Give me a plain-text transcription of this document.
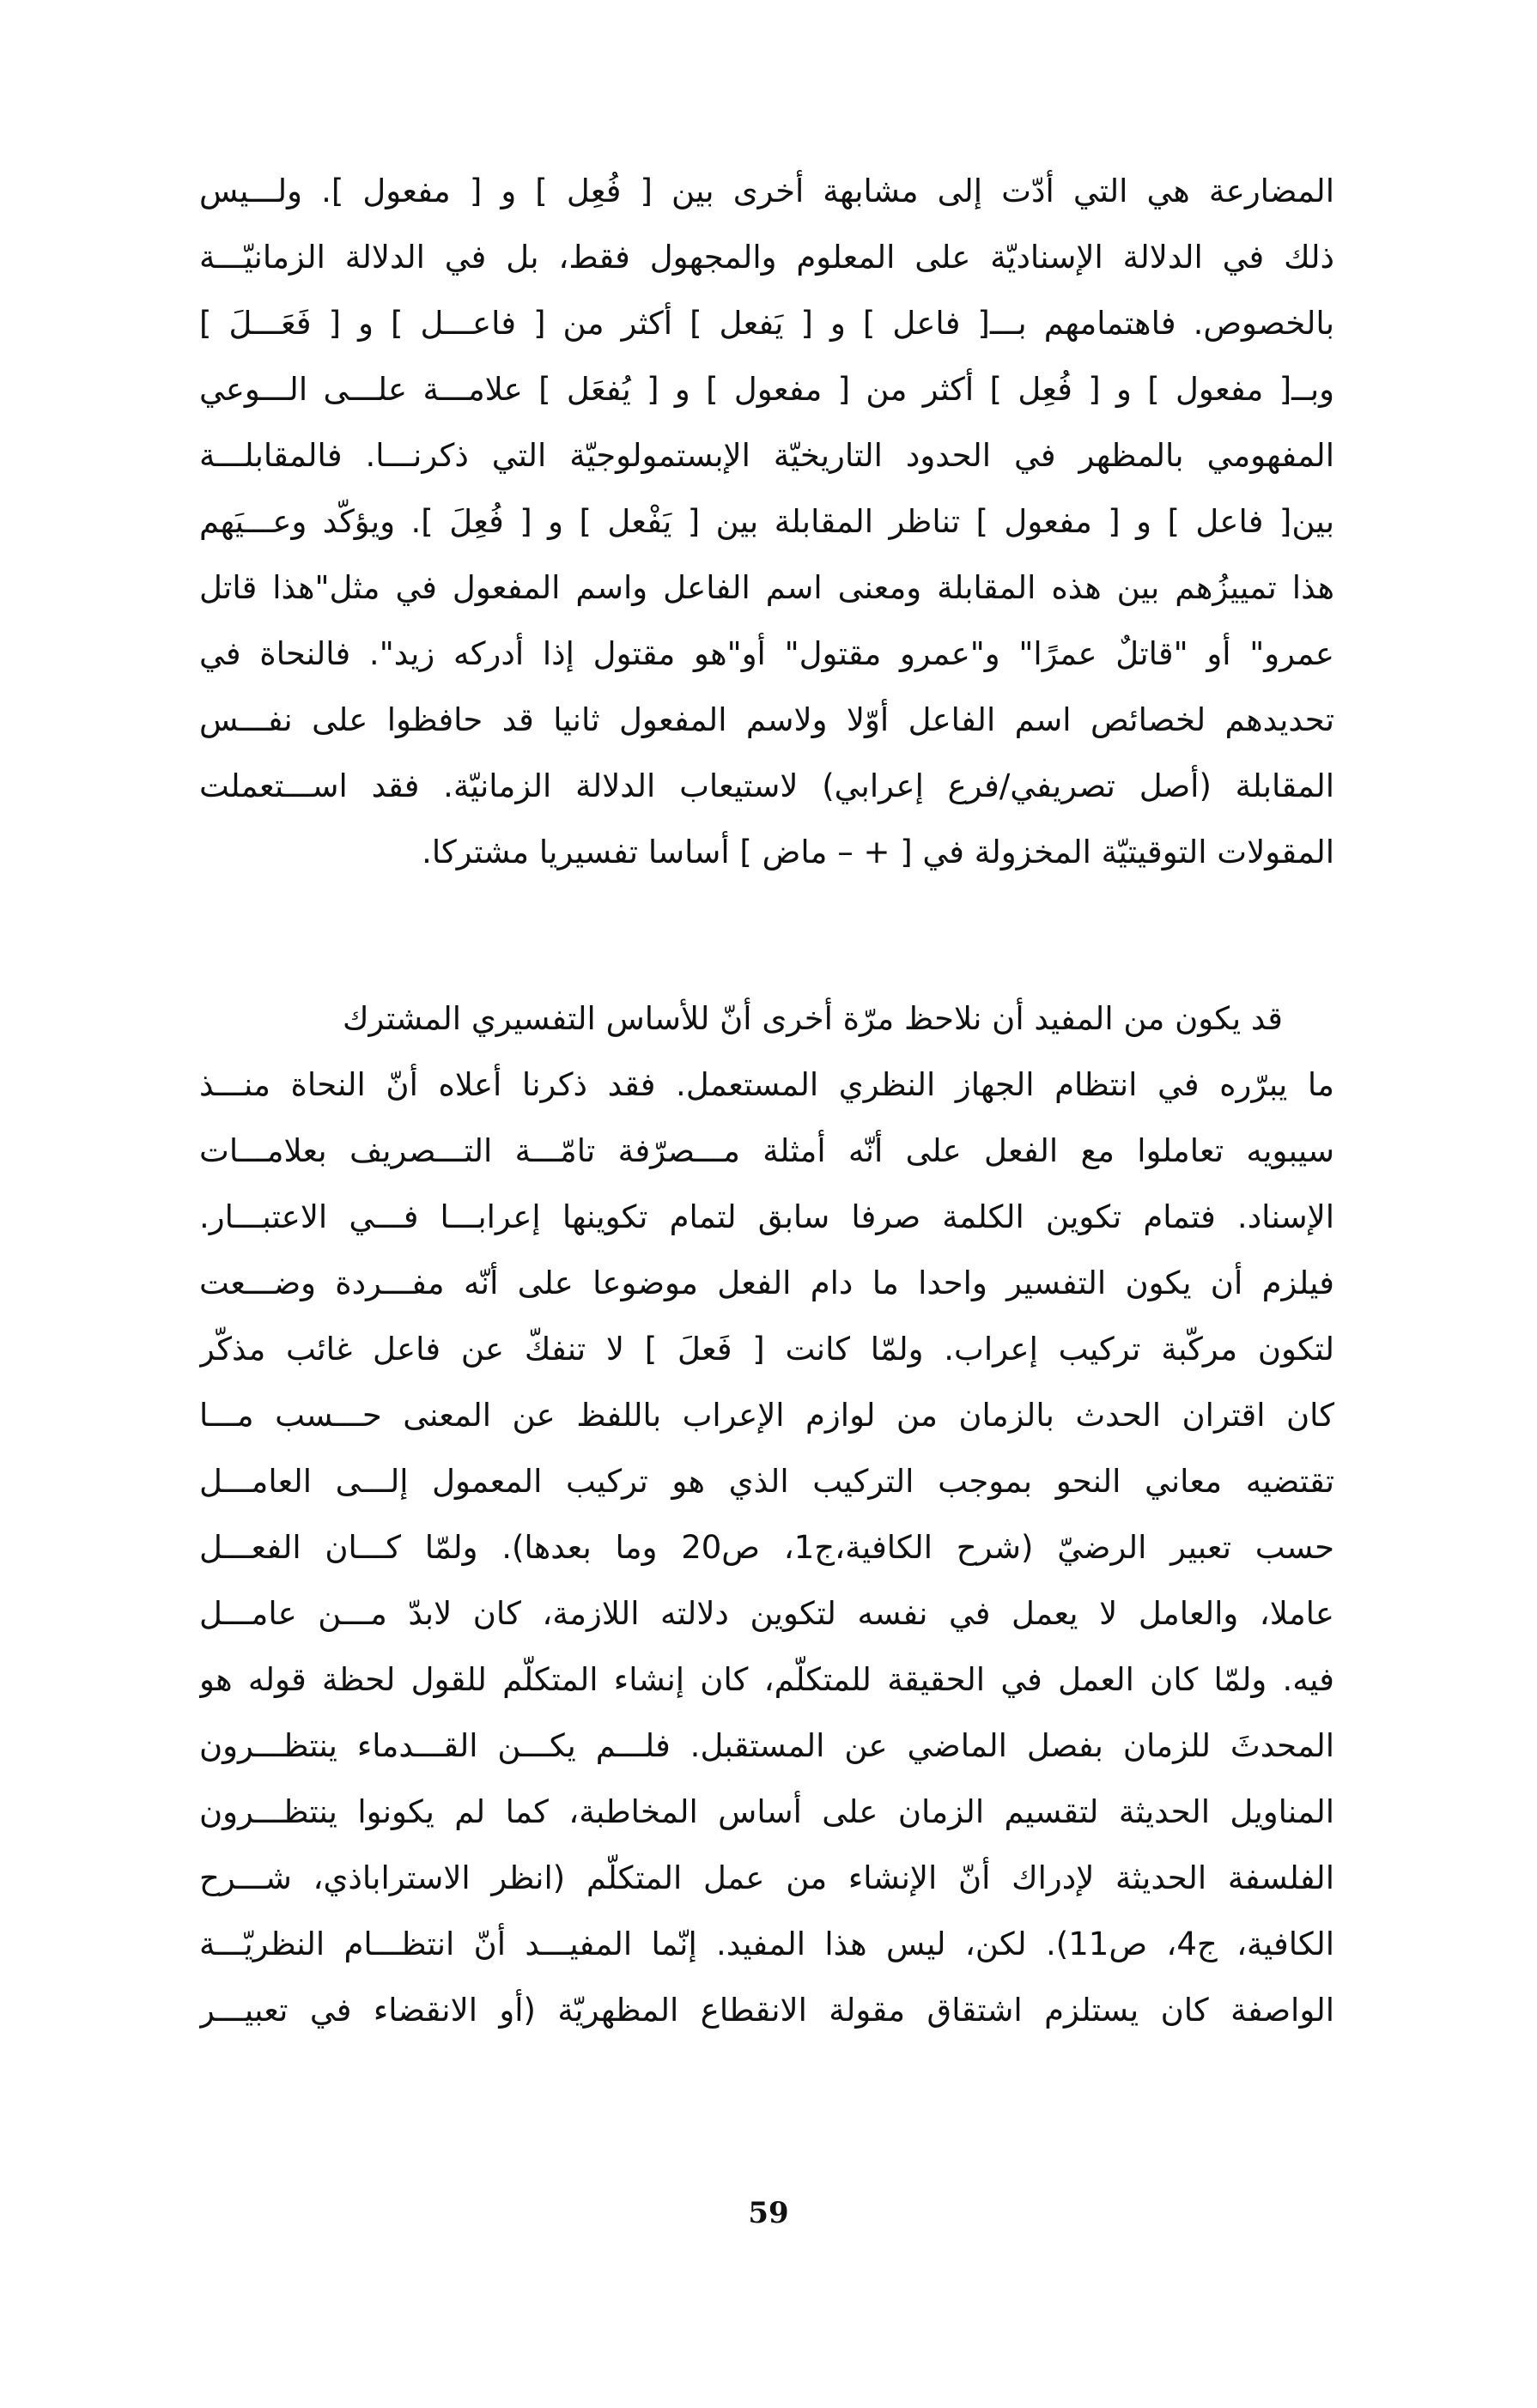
المضارعة هي التي أدّت إلى مشابهة أخرى بين [ فُعِل ] و [ مفعول ]. ولـــيس
ذلك في الدلالة الإسناديّة على المعلوم والمجهول فقط، بل في الدلالة الزمانيّـــة
بالخصوص. فاهتمامهم بـــ[ فاعل ] و [ يَفعل ] أكثر من [ فاعـــل ] و [ فَعَـــلَ ]
وبــ[ مفعول ] و [ فُعِل ] أكثر من [ مفعول ] و [ يُفعَل ] علامـــة علـــى الـــوعي
المفهومي بالمظهر في الحدود التاريخيّة الإبستمولوجيّة التي ذكرنـــا. فالمقابلـــة
بين[ فاعل ] و [ مفعول ] تناظر المقابلة بين [ يَفْعل ] و [ فُعِلَ ]. ويؤكّد وعـــيَهم
هذا تمييزُهم بين هذه المقابلة ومعنى اسم الفاعل واسم المفعول في مثل"هذا قاتل
عمرو" أو "قاتلٌ عمرًا" و"عمرو مقتول" أو"هو مقتول إذا أدركه زيد". فالنحاة في
تحديدهم لخصائص اسم الفاعل أوّلا ولاسم المفعول ثانيا قد حافظوا على نفـــس
المقابلة (أصل تصريفي/فرع إعرابي) لاستيعاب الدلالة الزمانيّة. فقد اســـتعملت
المقولات التوقيتيّة المخزولة في [ + – ماض ] أساسا تفسيريا مشتركا.
قد يكون من المفيد أن نلاحظ مرّة أخرى أنّ للأساس التفسيري المشترك
ما يبرّره في انتظام الجهاز النظري المستعمل. فقد ذكرنا أعلاه أنّ النحاة منـــذ
سيبويه تعاملوا مع الفعل على أنّه أمثلة مـــصرّفة تامّـــة التـــصريف بعلامـــات
الإسناد. فتمام تكوين الكلمة صرفا سابق لتمام تكوينها إعرابـــا فـــي الاعتبـــار.
فيلزم أن يكون التفسير واحدا ما دام الفعل موضوعا على أنّه مفـــردة وضـــعت
لتكون مركّبة تركيب إعراب. ولمّا كانت [ فَعلَ ] لا تنفكّ عن فاعل غائب مذكّر
كان اقتران الحدث بالزمان من لوازم الإعراب باللفظ عن المعنى حـــسب مـــا
تقتضيه معاني النحو بموجب التركيب الذي هو تركيب المعمول إلـــى العامـــل
حسب تعبير الرضيّ (شرح الكافية،ج1، ص20 وما بعدها). ولمّا كـــان الفعـــل
عاملا، والعامل لا يعمل في نفسه لتكوين دلالته اللازمة، كان لابدّ مـــن عامـــل
فيه. ولمّا كان العمل في الحقيقة للمتكلّم، كان إنشاء المتكلّم للقول لحظة قوله هو
المحدثَ للزمان بفصل الماضي عن المستقبل. فلـــم يكـــن القـــدماء ينتظـــرون
المناويل الحديثة لتقسيم الزمان على أساس المخاطبة، كما لم يكونوا ينتظـــرون
الفلسفة الحديثة لإدراك أنّ الإنشاء من عمل المتكلّم (انظر الاستراباذي، شـــرح
الكافية، ج4، ص11). لكن، ليس هذا المفيد. إنّما المفيـــد أنّ انتظـــام النظريّـــة
الواصفة كان يستلزم اشتقاق مقولة الانقطاع المظهريّة (أو الانقضاء في تعبيـــر
59
